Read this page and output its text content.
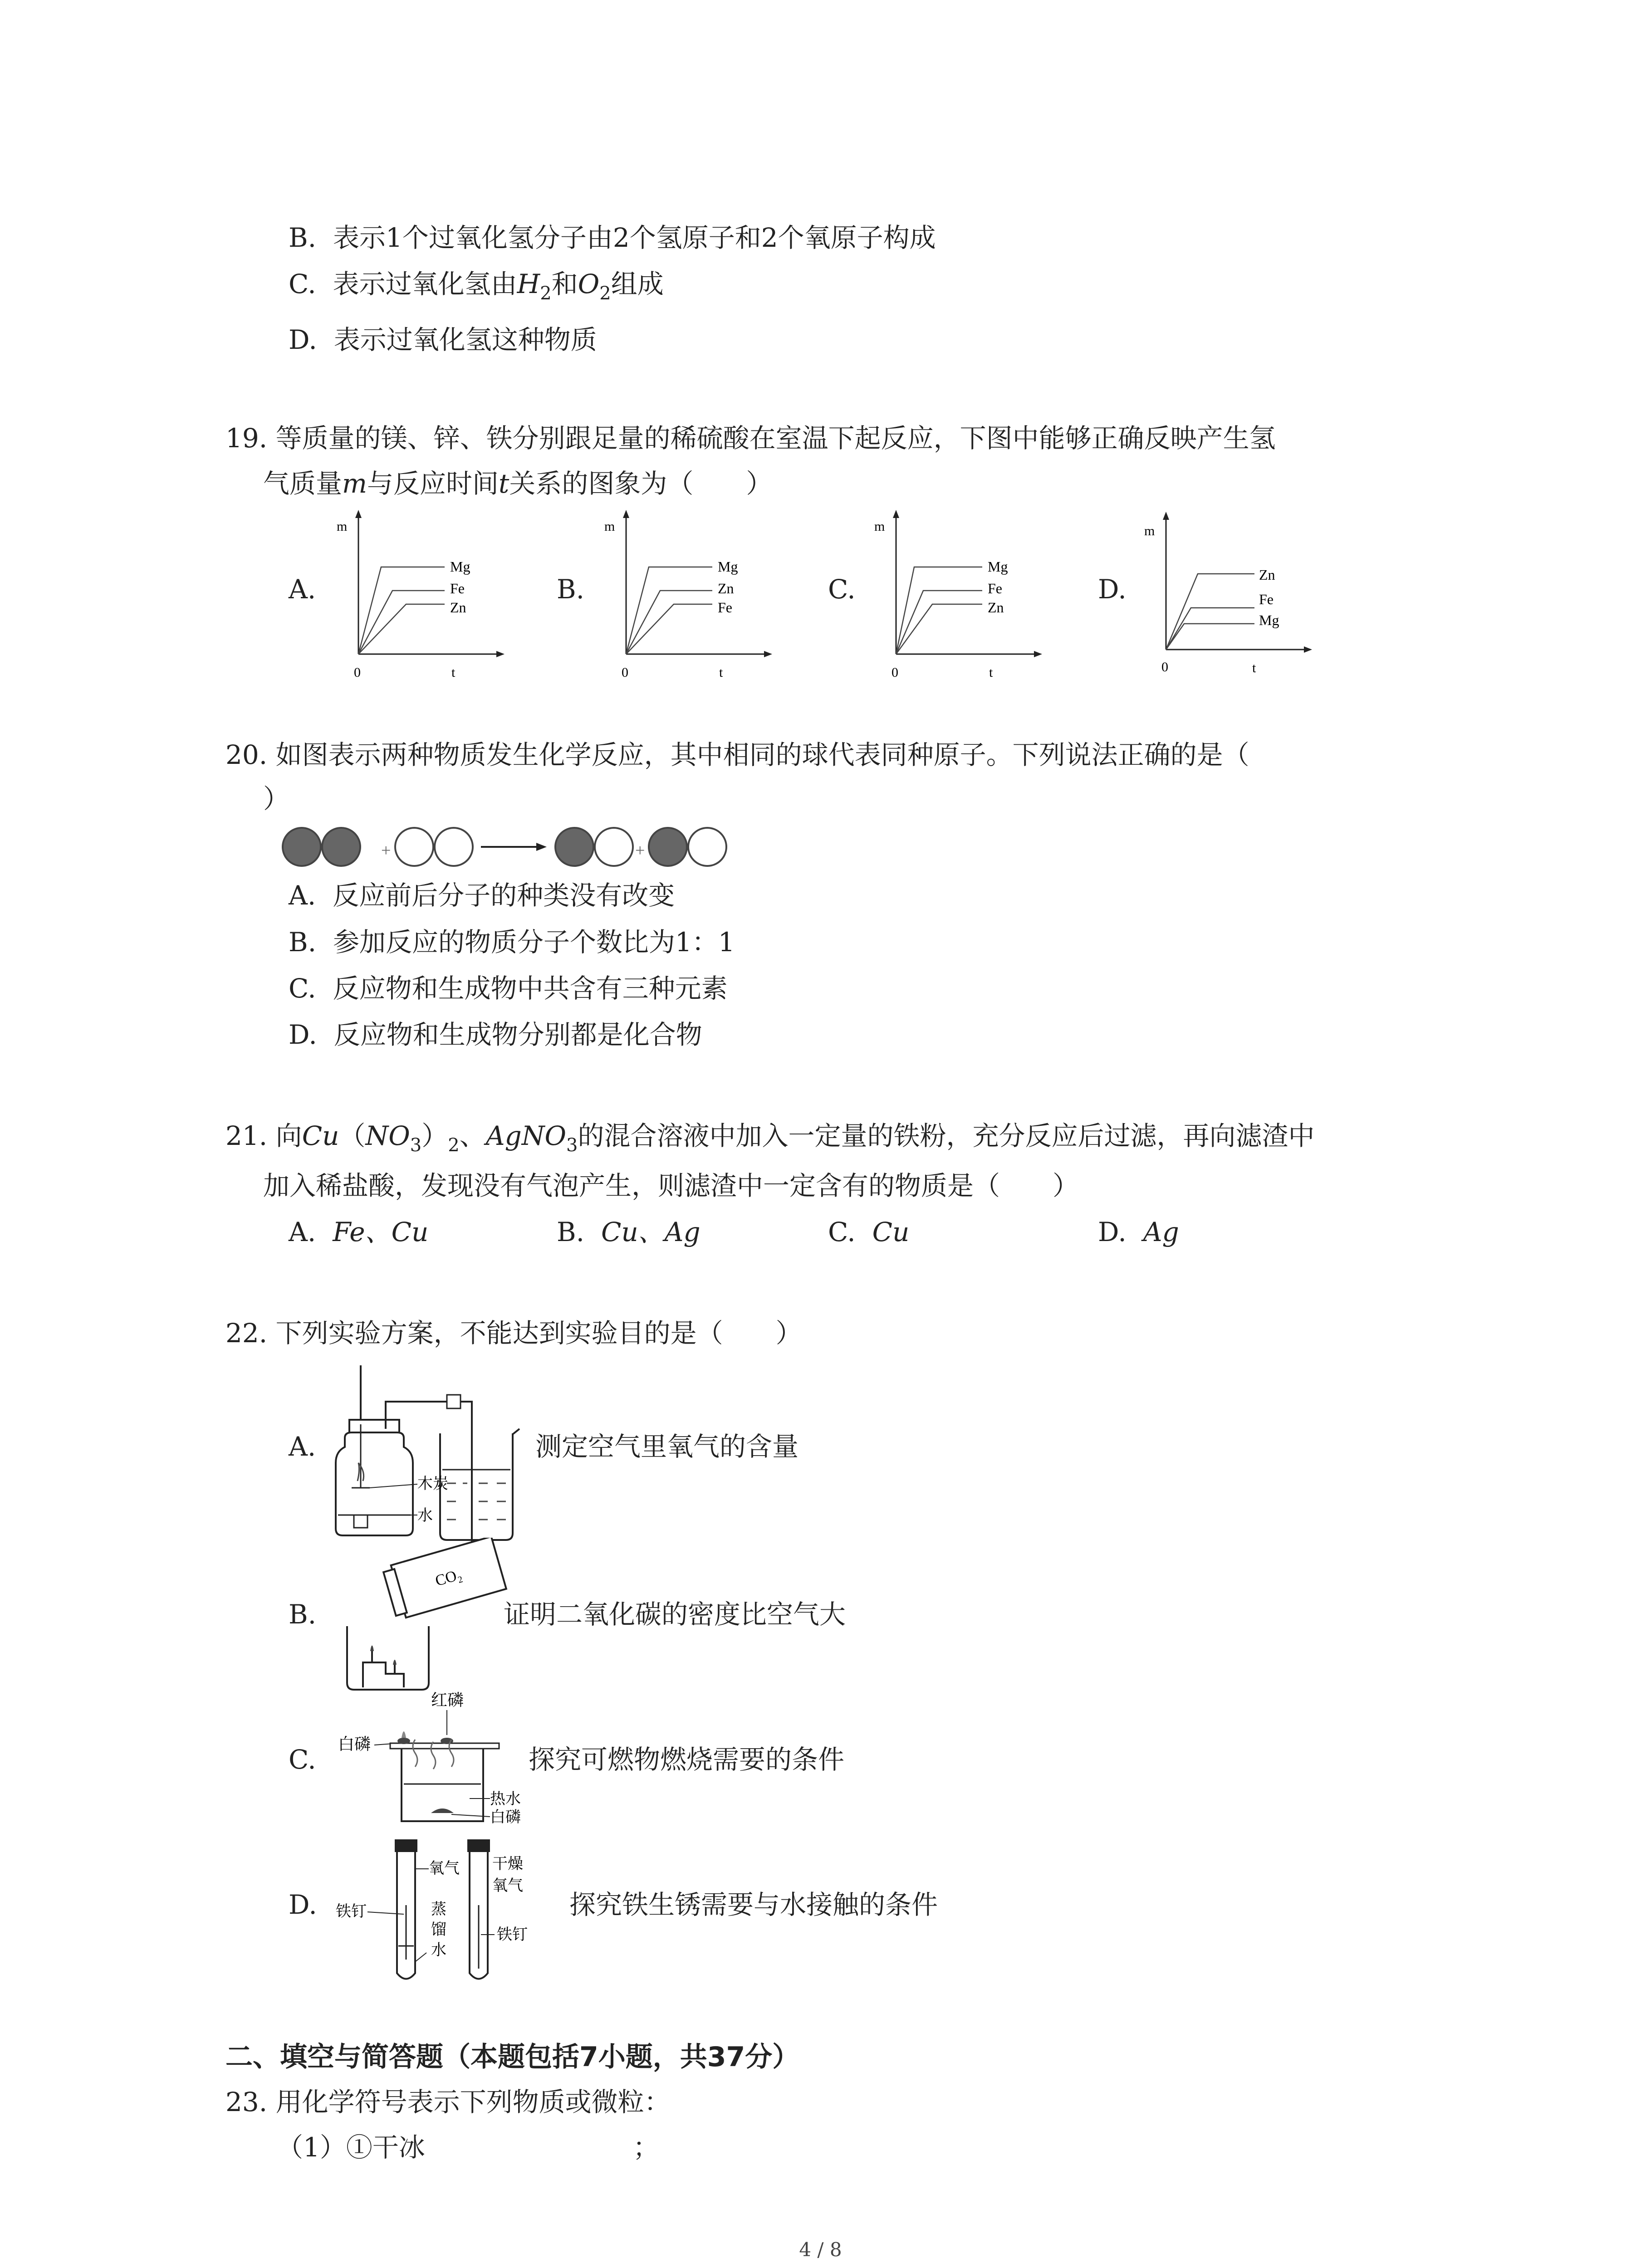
B. 表示1个过氧化氢分子由2个氢原子和2个氧原子构成
C. 表示过氧化氢由$H_2$和$O_2$组成
D. 表示过氧化氢这种物质
19. 等质量的镁、锌、铁分别跟足量的稀硫酸在室温下起反应，下图中能够正确反映产生氢
气质量m与反应时间t关系的图象为（　　）
A.	B.	C.	D.
m
0	t
Mg
Fe
Zn
m
0	t
Mg
Zn
Fe
m
0	t
Mg
Fe
Zn
m
0	t
Zn
Fe
Mg
20. 如图表示两种物质发生化学反应，其中相同的球代表同种原子。下列说法正确的是（
）
+	+
A. 反应前后分子的种类没有改变
B. 参加反应的物质分子个数比为1：1
C. 反应物和生成物中共含有三种元素
D. 反应物和生成物分别都是化合物
21. 向$Cu(NO_3)_2$、AgNO$_3$的混合溶液中加入一定量的铁粉，充分反应后过滤，再向滤渣中
加入稀盐酸，发现没有气泡产生，则滤渣中一定含有的物质是（　　）
A. Fe、Cu	B. Cu、Ag	C. Cu	D. Ag
22. 下列实验方案，不能达到实验目的是（　　）
A.
木炭
水
测定空气里氧气的含量
B.
CO₂
证明二氧化碳的密度比空气大
C.
红磷
白磷
热水
白磷
探究可燃物燃烧需要的条件
D. 铁钉
氧气
蒸
馏
水
干燥
氧气
铁钉
探究铁生锈需要与水接触的条件
二、填空与简答题（本题包括7小题，共37分）
23. 用化学符号表示下列物质或微粒：
（1）①干冰	；
4 / 8
